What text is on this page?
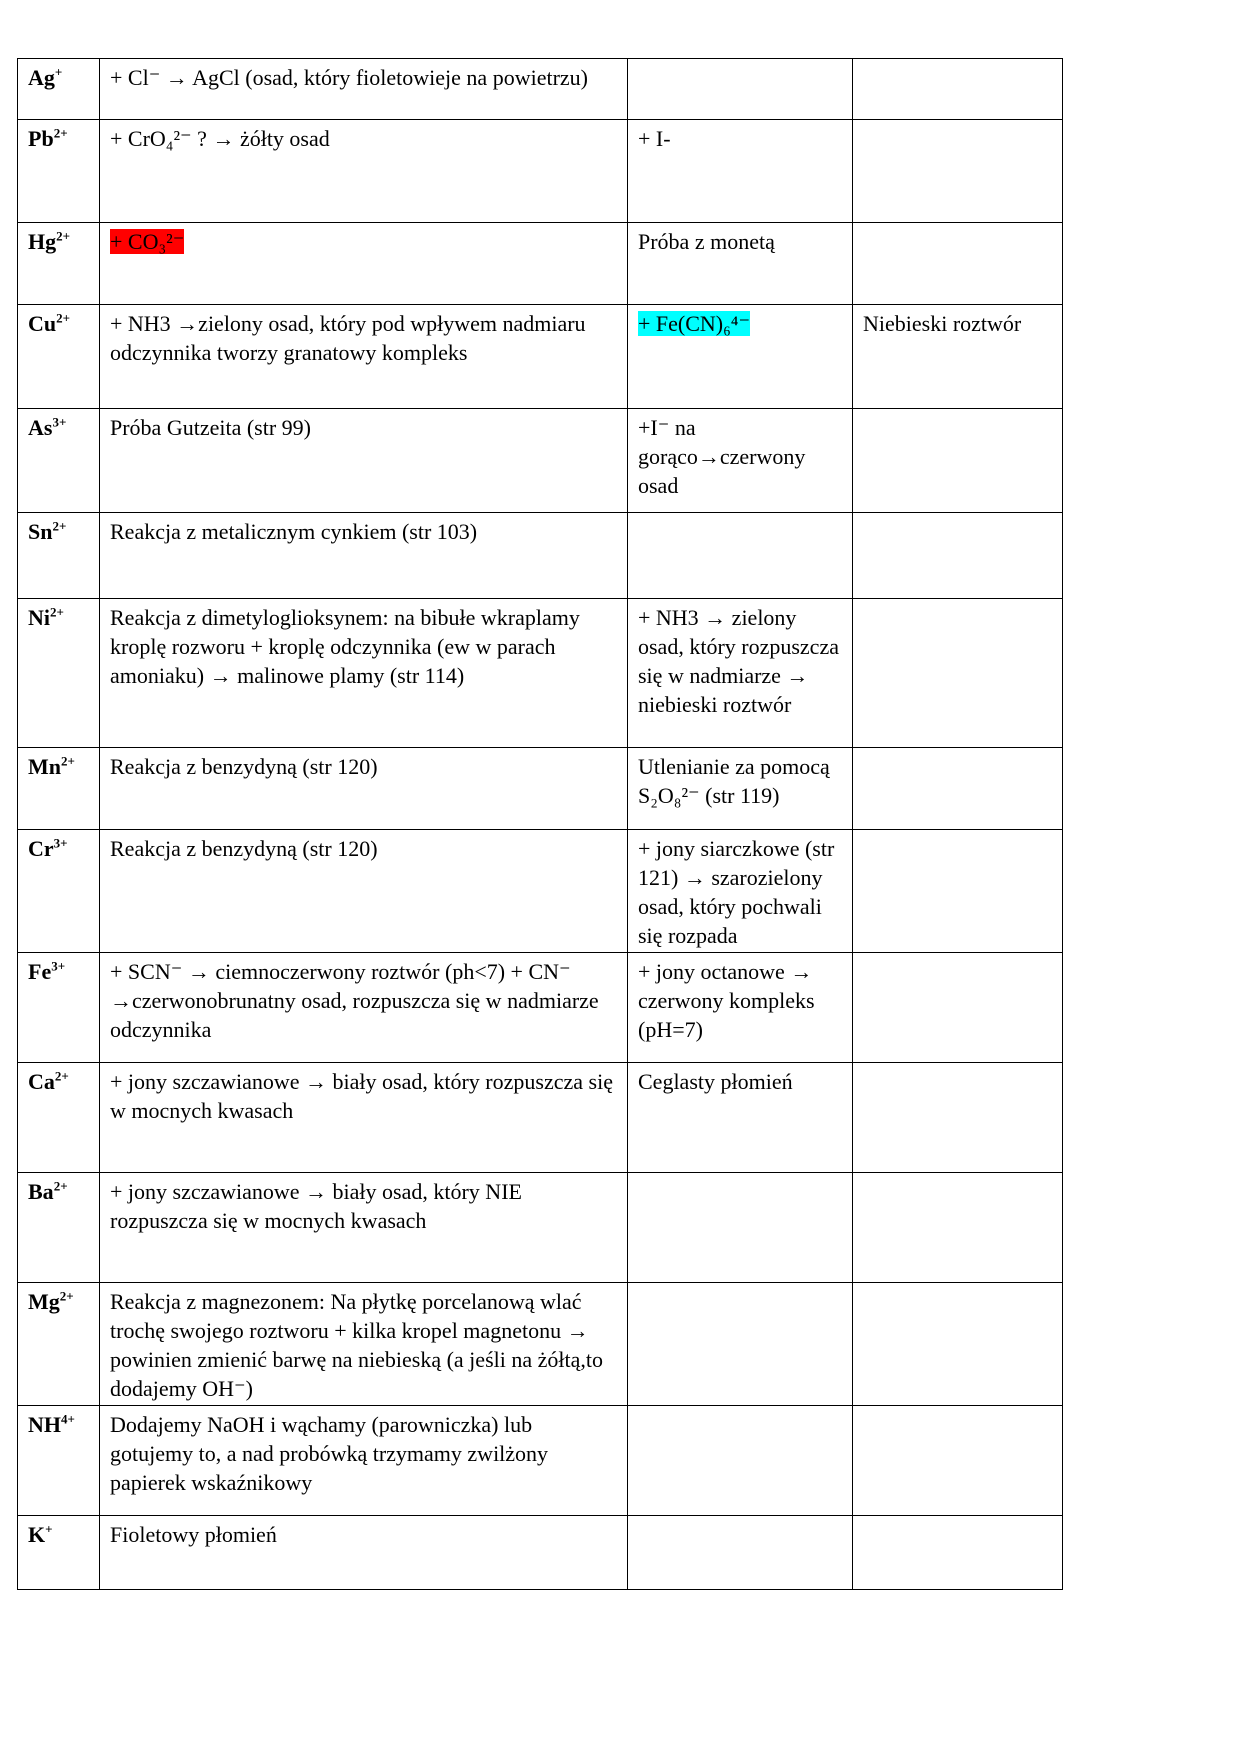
Ag+	+ Cl⁻ → AgCl (osad, który fioletowieje na powietrzu)		
$Pb^{2+}$	+ CrO₄²⁻ ? → żółty osad	+ I-	
$Hg^{2+}$	+ CO₃²⁻	Próba z monetą	
$Cu^{2+}$	+ NH3 →zielony osad, który pod wpływem nadmiaru odczynnika tworzy granatowy kompleks	+ Fe(CN)₆⁴⁻	Niebieski roztwór
$As^{3+}$	Próba Gutzeita (str 99)	+I⁻ na gorąco→czerwony osad	
$Sn^{2+}$	Reakcja z metalicznym cynkiem (str 103)		
$Ni^{2+}$	Reakcja z dimetyloglioksynem: na bibułe wkraplamy kroplę rozworu + kroplę odczynnika (ew w parach amoniaku) → malinowe plamy (str 114)	+ NH3 → zielony osad, który rozpuszcza się w nadmiarze → niebieski roztwór	
$Mn^{2+}$	Reakcja z benzydyną (str 120)	Utlenianie za pomocą S₂O₈²⁻ (str 119)	
$Cr^{3+}$	Reakcja z benzydyną (str 120)	+ jony siarczkowe (str 121) → szarozielony osad, który pochwali się rozpada	
$Fe^{3+}$	+ SCN⁻ → ciemnoczerwony roztwór (ph<7) + CN⁻ →czerwonobrunatny osad, rozpuszcza się w nadmiarze odczynnika	+ jony octanowe → czerwony kompleks (pH=7)	
$Ca^{2+}$	+ jony szczawianowe → biały osad, który rozpuszcza się w mocnych kwasach	Ceglasty płomień	
$Ba^{2+}$	+ jony szczawianowe → biały osad, który NIE rozpuszcza się w mocnych kwasach		
$Mg^{2+}$	Reakcja z magnezonem: Na płytkę porcelanową wlać trochę swojego roztworu + kilka kropel magnetonu → powinien zmienić barwę na niebieską (a jeśli na żółtą,to dodajemy OH⁻)		
$NH^{4+}$	Dodajemy NaOH i wąchamy (parowniczka) lub gotujemy to, a nad probówką trzymamy zwilżony papierek wskaźnikowy		
K+	Fioletowy płomień		
